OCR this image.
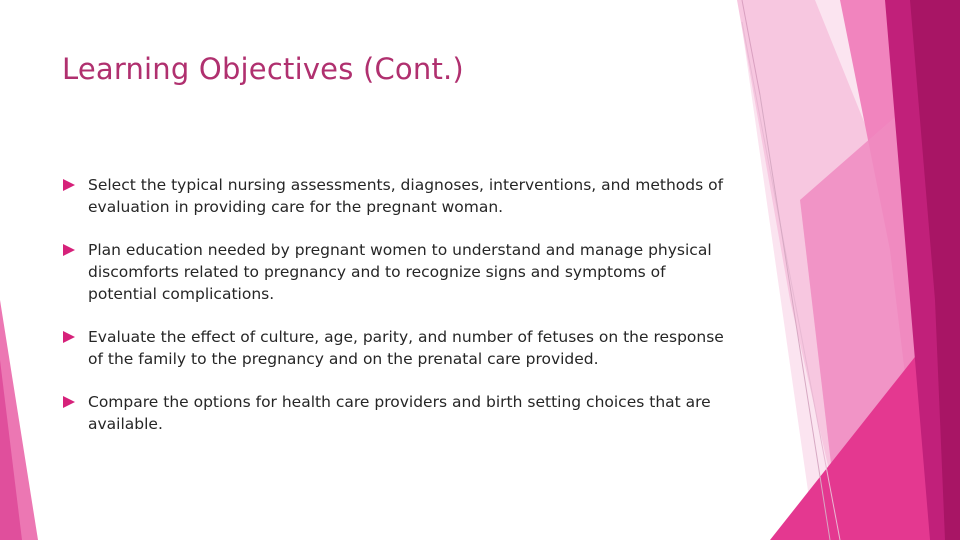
Learning Objectives (Cont.)
Select the typical nursing assessments, diagnoses, interventions, and methods of evaluation in providing care for the pregnant woman.
Plan education needed by pregnant women to understand and manage physical discomforts related to pregnancy and to recognize signs and symptoms of potential complications.
Evaluate the effect of culture, age, parity, and number of fetuses on the response of the family to the pregnancy and on the prenatal care provided.
Compare the options for health care providers and birth setting choices that are available.
